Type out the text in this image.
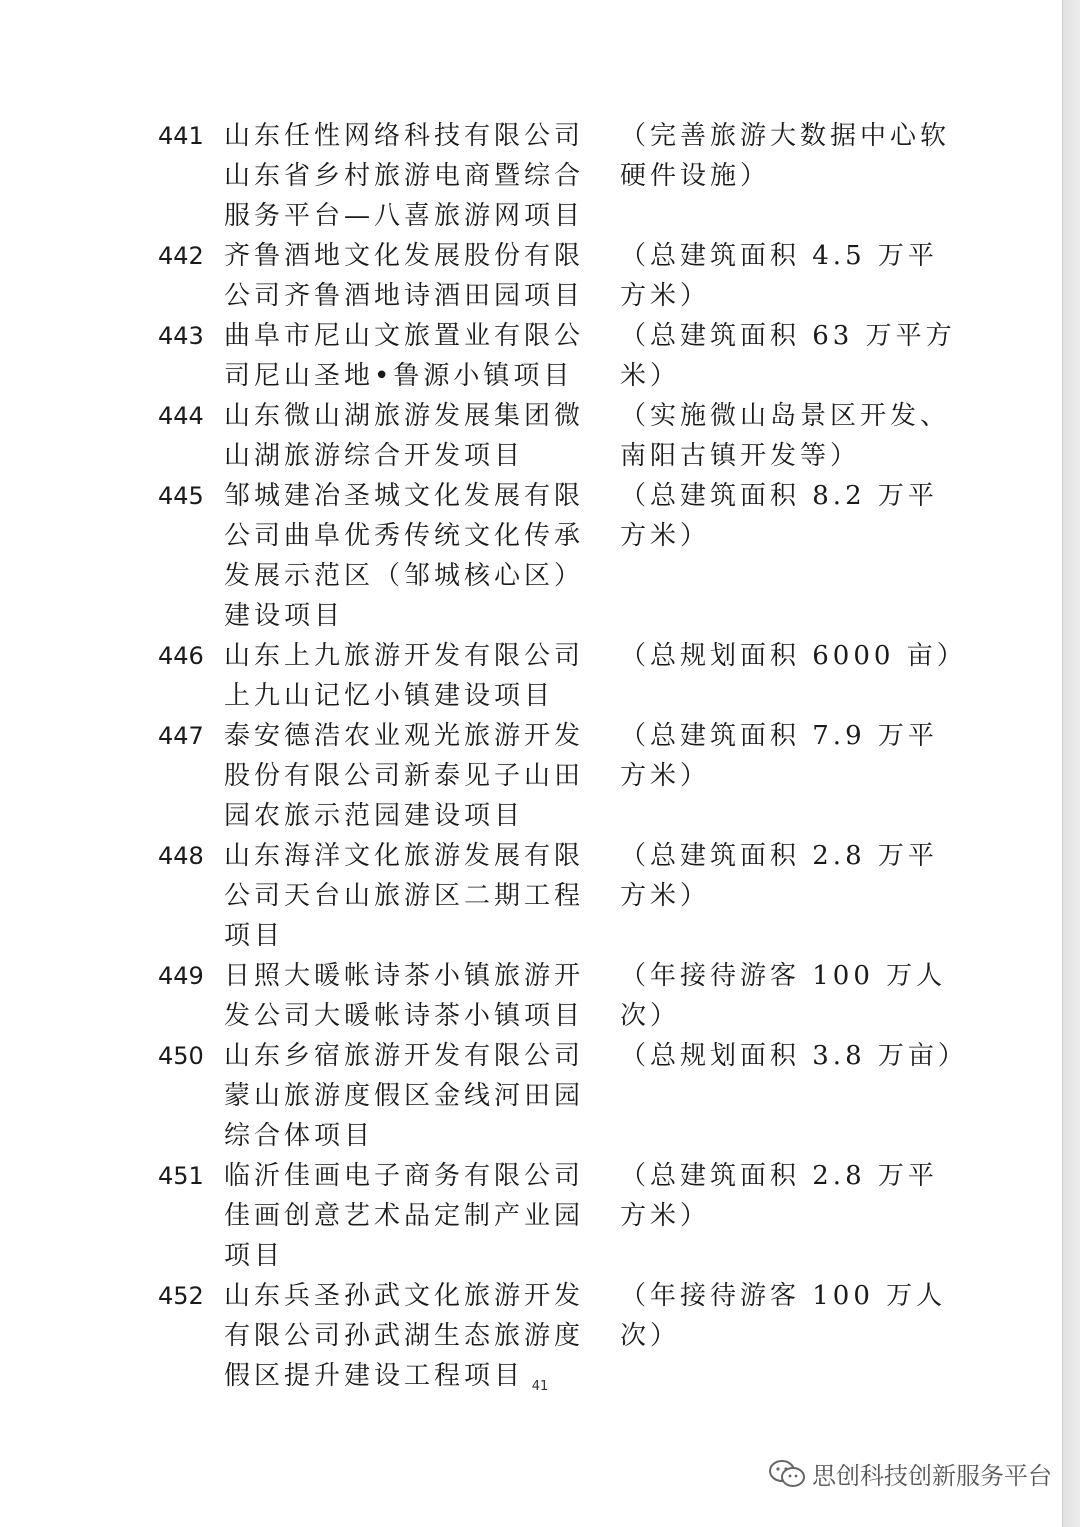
441 山东任性网络科技有限公司山东省乡村旅游电商暨综合服务平台—八喜旅游网项目
（完善旅游大数据中心软硬件设施）
442 齐鲁酒地文化发展股份有限公司齐鲁酒地诗酒田园项目
（总建筑面积 4.5 万平方米）
443 曲阜市尼山文旅置业有限公司尼山圣地•鲁源小镇项目
（总建筑面积 63 万平方米）
444 山东微山湖旅游发展集团微山湖旅游综合开发项目
（实施微山岛景区开发、南阳古镇开发等）
445 邹城建冶圣城文化发展有限公司曲阜优秀传统文化传承发展示范区（邹城核心区）建设项目
（总建筑面积 8.2 万平方米）
446 山东上九旅游开发有限公司上九山记忆小镇建设项目
（总规划面积 6000 亩）
447 泰安德浩农业观光旅游开发股份有限公司新泰见子山田园农旅示范园建设项目
（总建筑面积 7.9 万平方米）
448 山东海洋文化旅游发展有限公司天台山旅游区二期工程项目
（总建筑面积 2.8 万平方米）
449 日照大暖帐诗茶小镇旅游开发公司大暖帐诗茶小镇项目
（年接待游客 100 万人次）
450 山东乡宿旅游开发有限公司蒙山旅游度假区金线河田园综合体项目
（总规划面积 3.8 万亩）
451 临沂佳画电子商务有限公司佳画创意艺术品定制产业园项目
（总建筑面积 2.8 万平方米）
452 山东兵圣孙武文化旅游开发有限公司孙武湖生态旅游度假区提升建设工程项目
（年接待游客 100 万人次）
41
思创科技创新服务平台
